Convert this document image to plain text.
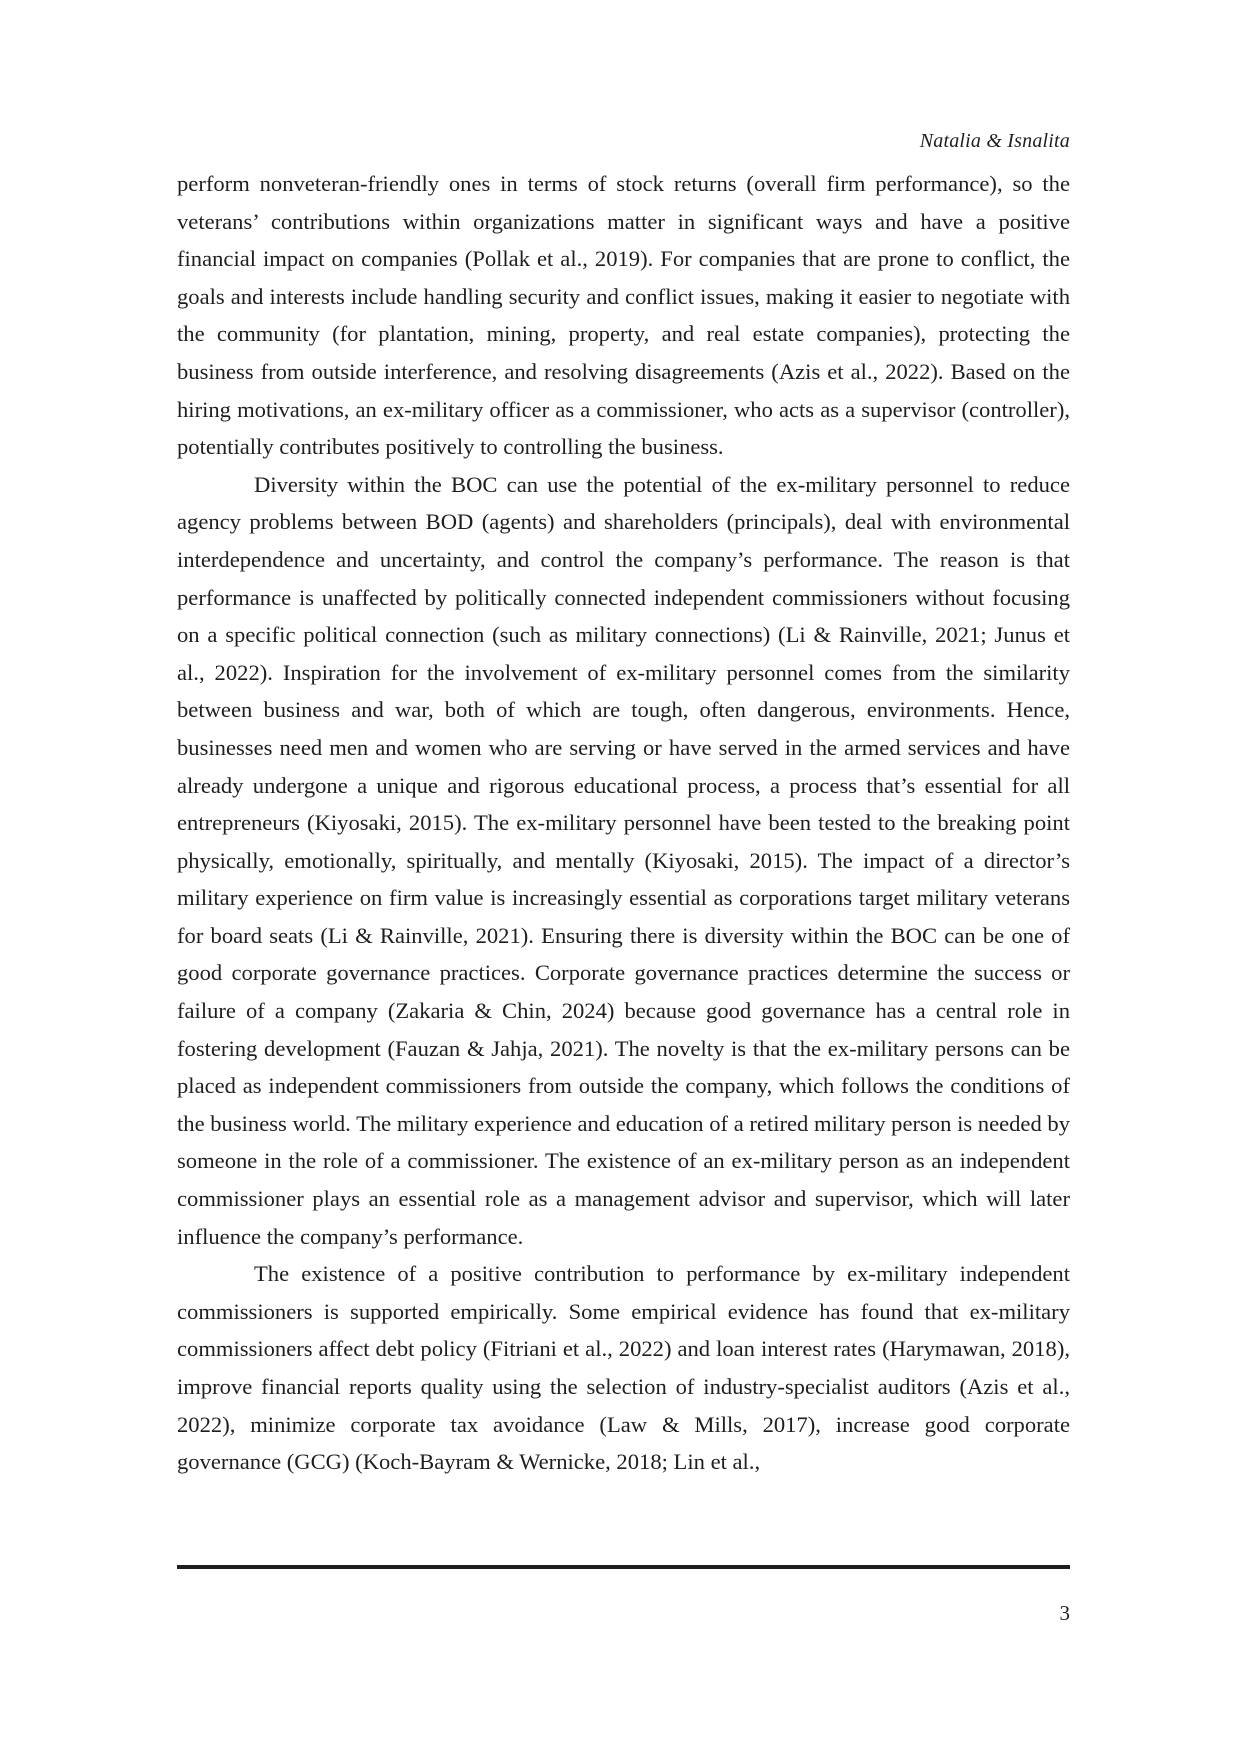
Natalia & Isnalita

perform nonveteran-friendly ones in terms of stock returns (overall firm performance), so the veterans’ contributions within organizations matter in significant ways and have a positive financial impact on companies (Pollak et al., 2019). For companies that are prone to conflict, the goals and interests include handling security and conflict issues, making it easier to negotiate with the community (for plantation, mining, property, and real estate companies), protecting the business from outside interference, and resolving disagreements (Azis et al., 2022). Based on the hiring motivations, an ex-military officer as a commissioner, who acts as a supervisor (controller), potentially contributes positively to controlling the business.

Diversity within the BOC can use the potential of the ex-military personnel to reduce agency problems between BOD (agents) and shareholders (principals), deal with environmental interdependence and uncertainty, and control the company’s performance. The reason is that performance is unaffected by politically connected independent commissioners without focusing on a specific political connection (such as military connections) (Li & Rainville, 2021; Junus et al., 2022). Inspiration for the involvement of ex-military personnel comes from the similarity between business and war, both of which are tough, often dangerous, environments. Hence, businesses need men and women who are serving or have served in the armed services and have already undergone a unique and rigorous educational process, a process that’s essential for all entrepreneurs (Kiyosaki, 2015). The ex-military personnel have been tested to the breaking point physically, emotionally, spiritually, and mentally (Kiyosaki, 2015). The impact of a director’s military experience on firm value is increasingly essential as corporations target military veterans for board seats (Li & Rainville, 2021). Ensuring there is diversity within the BOC can be one of good corporate governance practices. Corporate governance practices determine the success or failure of a company (Zakaria & Chin, 2024) because good governance has a central role in fostering development (Fauzan & Jahja, 2021). The novelty is that the ex-military persons can be placed as independent commissioners from outside the company, which follows the conditions of the business world. The military experience and education of a retired military person is needed by someone in the role of a commissioner. The existence of an ex-military person as an independent commissioner plays an essential role as a management advisor and supervisor, which will later influence the company’s performance.

The existence of a positive contribution to performance by ex-military independent commissioners is supported empirically. Some empirical evidence has found that ex-military commissioners affect debt policy (Fitriani et al., 2022) and loan interest rates (Harymawan, 2018), improve financial reports quality using the selection of industry-specialist auditors (Azis et al., 2022), minimize corporate tax avoidance (Law & Mills, 2017), increase good corporate governance (GCG) (Koch-Bayram & Wernicke, 2018; Lin et al.,

3
